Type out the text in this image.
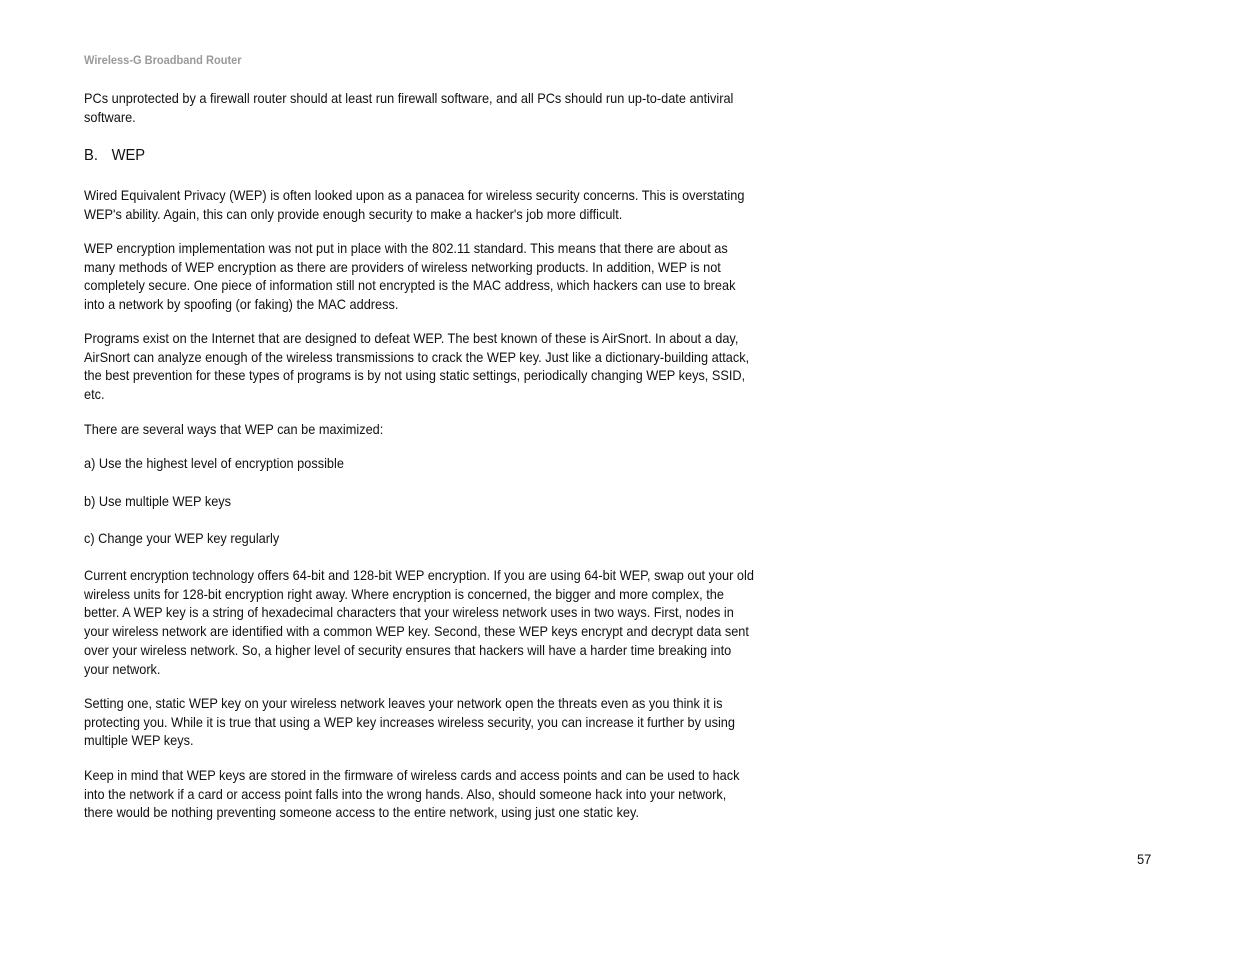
Wireless-G Broadband Router

PCs unprotected by a firewall router should at least run firewall software, and all PCs should run up-to-date antiviral software.

B. WEP

Wired Equivalent Privacy (WEP) is often looked upon as a panacea for wireless security concerns. This is overstating WEP's ability. Again, this can only provide enough security to make a hacker's job more difficult.

WEP encryption implementation was not put in place with the 802.11 standard. This means that there are about as many methods of WEP encryption as there are providers of wireless networking products. In addition, WEP is not completely secure. One piece of information still not encrypted is the MAC address, which hackers can use to break into a network by spoofing (or faking) the MAC address.

Programs exist on the Internet that are designed to defeat WEP. The best known of these is AirSnort. In about a day, AirSnort can analyze enough of the wireless transmissions to crack the WEP key. Just like a dictionary-building attack, the best prevention for these types of programs is by not using static settings, periodically changing WEP keys, SSID, etc.

There are several ways that WEP can be maximized:

a) Use the highest level of encryption possible
b) Use multiple WEP keys
c) Change your WEP key regularly

Current encryption technology offers 64-bit and 128-bit WEP encryption. If you are using 64-bit WEP, swap out your old wireless units for 128-bit encryption right away. Where encryption is concerned, the bigger and more complex, the better. A WEP key is a string of hexadecimal characters that your wireless network uses in two ways. First, nodes in your wireless network are identified with a common WEP key. Second, these WEP keys encrypt and decrypt data sent over your wireless network. So, a higher level of security ensures that hackers will have a harder time breaking into your network.

Setting one, static WEP key on your wireless network leaves your network open the threats even as you think it is protecting you. While it is true that using a WEP key increases wireless security, you can increase it further by using multiple WEP keys.

Keep in mind that WEP keys are stored in the firmware of wireless cards and access points and can be used to hack into the network if a card or access point falls into the wrong hands. Also, should someone hack into your network, there would be nothing preventing someone access to the entire network, using just one static key.

57
